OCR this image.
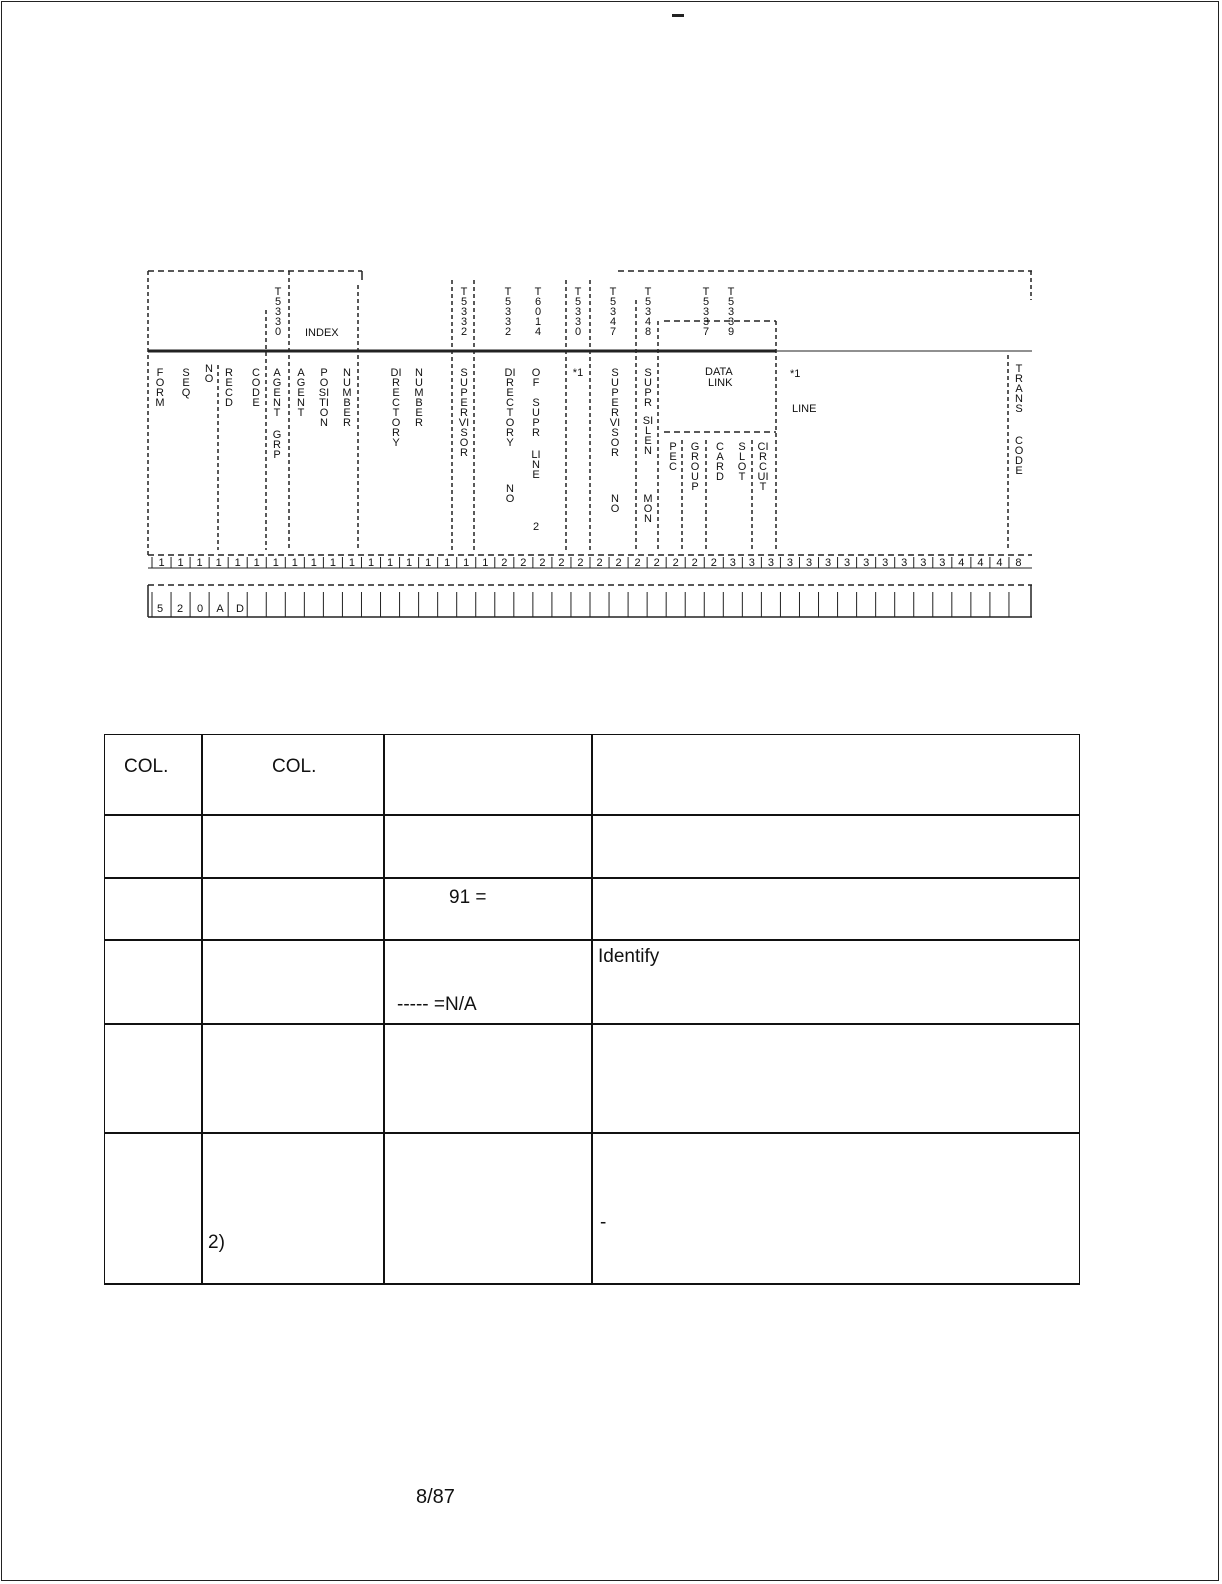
1 1 1 1 1 1 1 1 1 1 1 1 1 1 1 1 1 1 2 2 2 2 2 2 2 2 2 2 2 2 3 3 3 3 3 3 3 3 3 3 3 3 4 4 4 8
5 2 0 A D
T5330
T5332
T5332
T6014
T5330
T5347
T5348
T5337
T5339
INDEX
DATA
LINK
*1
LINE
FORM
SEQ
NO RECD
CODE
AGENT
GRP
AGENT
POSITION
NUMBER
DIRECTORY
NUMBER
SUPERVISOR
DIRECTORY
NO
OF
SUPR
LINE
2
*1	SUPERVISOR
NO
SUPR
SILEN
MON
PEC
GROUP
CARD
SLOT
CIRCUIT
TRANS
CODE
COL.	COL.
91 =
----- =N/A
Identify
2)
-
8/87
